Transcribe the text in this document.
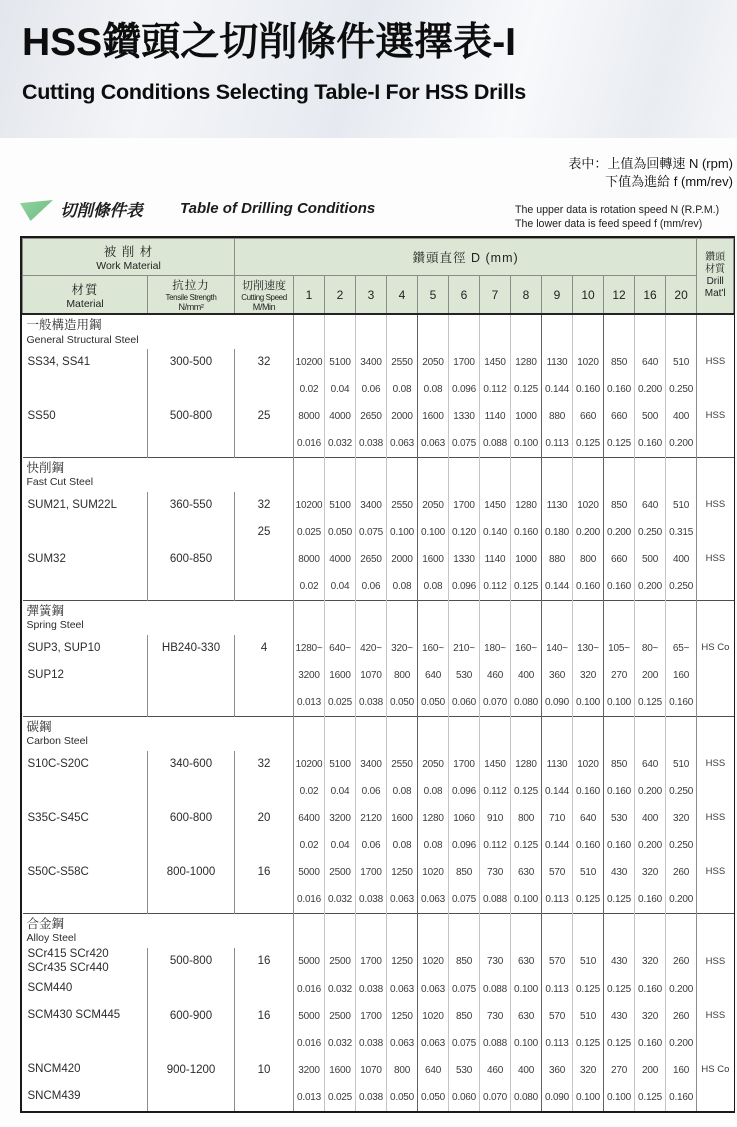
HSS鑽頭之切削條件選擇表-I
Cutting Conditions Selecting Table-I For HSS Drills
表中：上值為回轉速 N (rpm)
下值為進給 f (mm/rev)
切削條件表	Table of Drilling Conditions	The upper data is rotation speed N (R.P.M.)
The lower data is feed speed f (mm/rev)
被 削 材
Work Material

鑽頭直徑 D (mm)	鑽頭
材質
Drill
Mat'l

材質
Material

抗拉力
Tensile Strength
N/mm²

切削速度
Cutting Speed
M/Min
	1	2	3	4	5	6	7	8	9	10	12	16	20

一般構造用鋼
General Structural Steel																

SS34, SS41	300-500	32	10200	5100	3400	2550	2050	1700	1450	1280	1130	1020	850	640	510	HSS

			0.02	0.04	0.06	0.08	0.08	0.096	0.112	0.125	0.144	0.160	0.160	0.200	0.250	

SS50	500-800	25	8000	4000	2650	2000	1600	1330	1140	1000	880	660	660	500	400	HSS

			0.016	0.032	0.038	0.063	0.063	0.075	0.088	0.100	0.113	0.125	0.125	0.160	0.200	

快削鋼
Fast Cut Steel																

SUM21, SUM22L	360-550	32	10200	5100	3400	2550	2050	1700	1450	1280	1130	1020	850	640	510	HSS

		25	0.025	0.050	0.075	0.100	0.100	0.120	0.140	0.160	0.180	0.200	0.200	0.250	0.315	

SUM32	600-850		8000	4000	2650	2000	1600	1330	1140	1000	880	800	660	500	400	HSS

			0.02	0.04	0.06	0.08	0.08	0.096	0.112	0.125	0.144	0.160	0.160	0.200	0.250	

彈簧鋼
Spring Steel																

SUP3, SUP10	HB240-330	4	1280~	640~	420~	320~	160~	210~	180~	160~	140~	130~	105~	80~	65~	HS Co

SUP12			3200	1600	1070	800	640	530	460	400	360	320	270	200	160	

			0.013	0.025	0.038	0.050	0.050	0.060	0.070	0.080	0.090	0.100	0.100	0.125	0.160	

碳鋼
Carbon Steel																

S10C-S20C	340-600	32	10200	5100	3400	2550	2050	1700	1450	1280	1130	1020	850	640	510	HSS

			0.02	0.04	0.06	0.08	0.08	0.096	0.112	0.125	0.144	0.160	0.160	0.200	0.250	

S35C-S45C	600-800	20	6400	3200	2120	1600	1280	1060	910	800	710	640	530	400	320	HSS

			0.02	0.04	0.06	0.08	0.08	0.096	0.112	0.125	0.144	0.160	0.160	0.200	0.250	

S50C-S58C	800-1000	16	5000	2500	1700	1250	1020	850	730	630	570	510	430	320	260	HSS

			0.016	0.032	0.038	0.063	0.063	0.075	0.088	0.100	0.113	0.125	0.125	0.160	0.200	

合金鋼
Alloy Steel																

SCr415 SCr420
SCr435 SCr440	500-800	16	5000	2500	1700	1250	1020	850	730	630	570	510	430	320	260	HSS

SCM440			0.016	0.032	0.038	0.063	0.063	0.075	0.088	0.100	0.113	0.125	0.125	0.160	0.200	

SCM430 SCM445	600-900	16	5000	2500	1700	1250	1020	850	730	630	570	510	430	320	260	HSS

			0.016	0.032	0.038	0.063	0.063	0.075	0.088	0.100	0.113	0.125	0.125	0.160	0.200	

SNCM420	900-1200	10	3200	1600	1070	800	640	530	460	400	360	320	270	200	160	HS Co

SNCM439			0.013	0.025	0.038	0.050	0.050	0.060	0.070	0.080	0.090	0.100	0.100	0.125	0.160	
